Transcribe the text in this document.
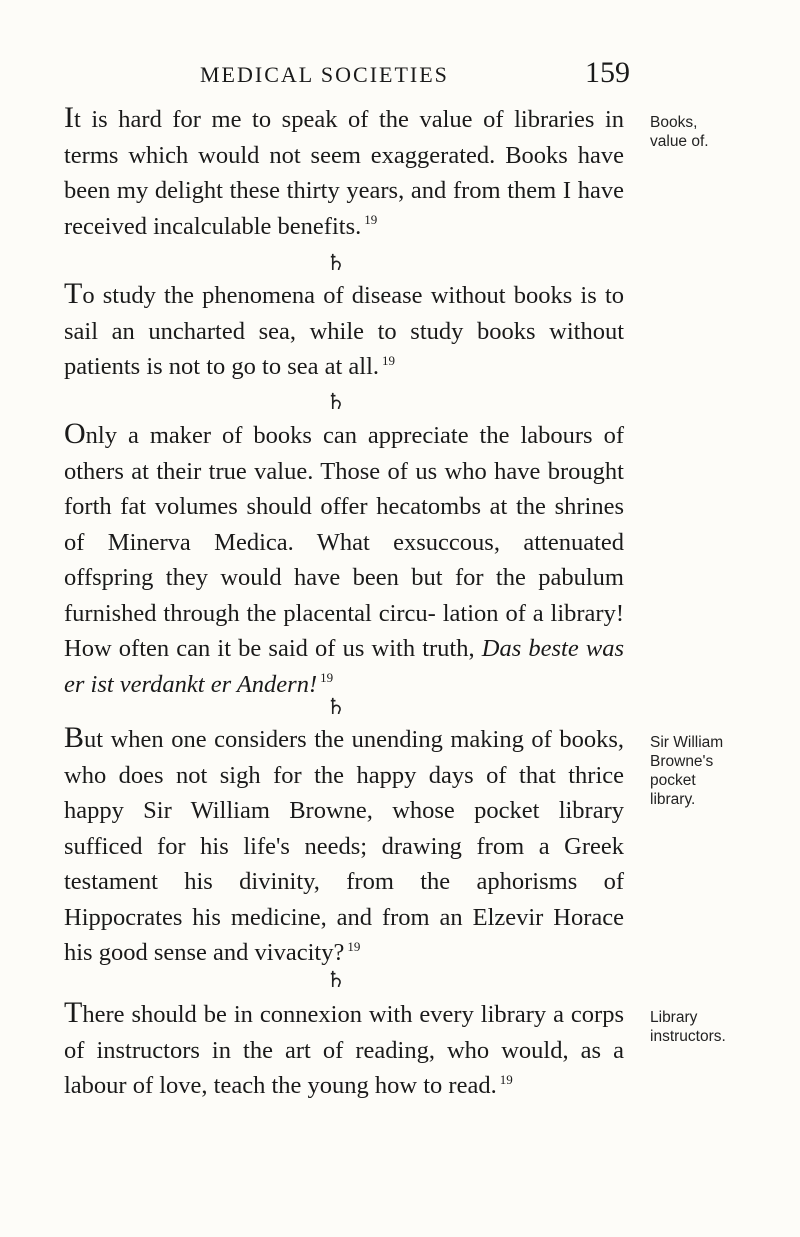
MEDICAL SOCIETIES	159

It is hard for me to speak of the value of libraries in terms which would not seem exaggerated. Books have been my delight these thirty years, and from them I have received incalculable benefits. $^{19}$

Books,
value of.
♄

To study the phenomena of disease without books is to sail an uncharted sea, while to study books without patients is not to go to sea at all. $^{19}$

♄

Only a maker of books can appreciate the labours of others at their true value. Those of us who have brought forth fat volumes should offer hecatombs at the shrines of Minerva Medica. What exsuccous, attenuated offspring they would have been but for the pabulum furnished through the placental circu- lation of a library! How often can it be said of us with truth, Das beste was er ist verdankt er Andern! $^{19}$

♄

But when one considers the unending making of books, who does not sigh for the happy days of that thrice happy Sir William Browne, whose pocket library sufficed for his life's needs; drawing from a Greek testament his divinity, from the aphorisms of Hippocrates his medicine, and from an Elzevir Horace his good sense and vivacity? $^{19}$

Sir William
Browne's
pocket
library.
♄

There should be in connexion with every library a corps of instructors in the art of reading, who would, as a labour of love, teach the young how to read. $^{19}$

Library
instructors.
